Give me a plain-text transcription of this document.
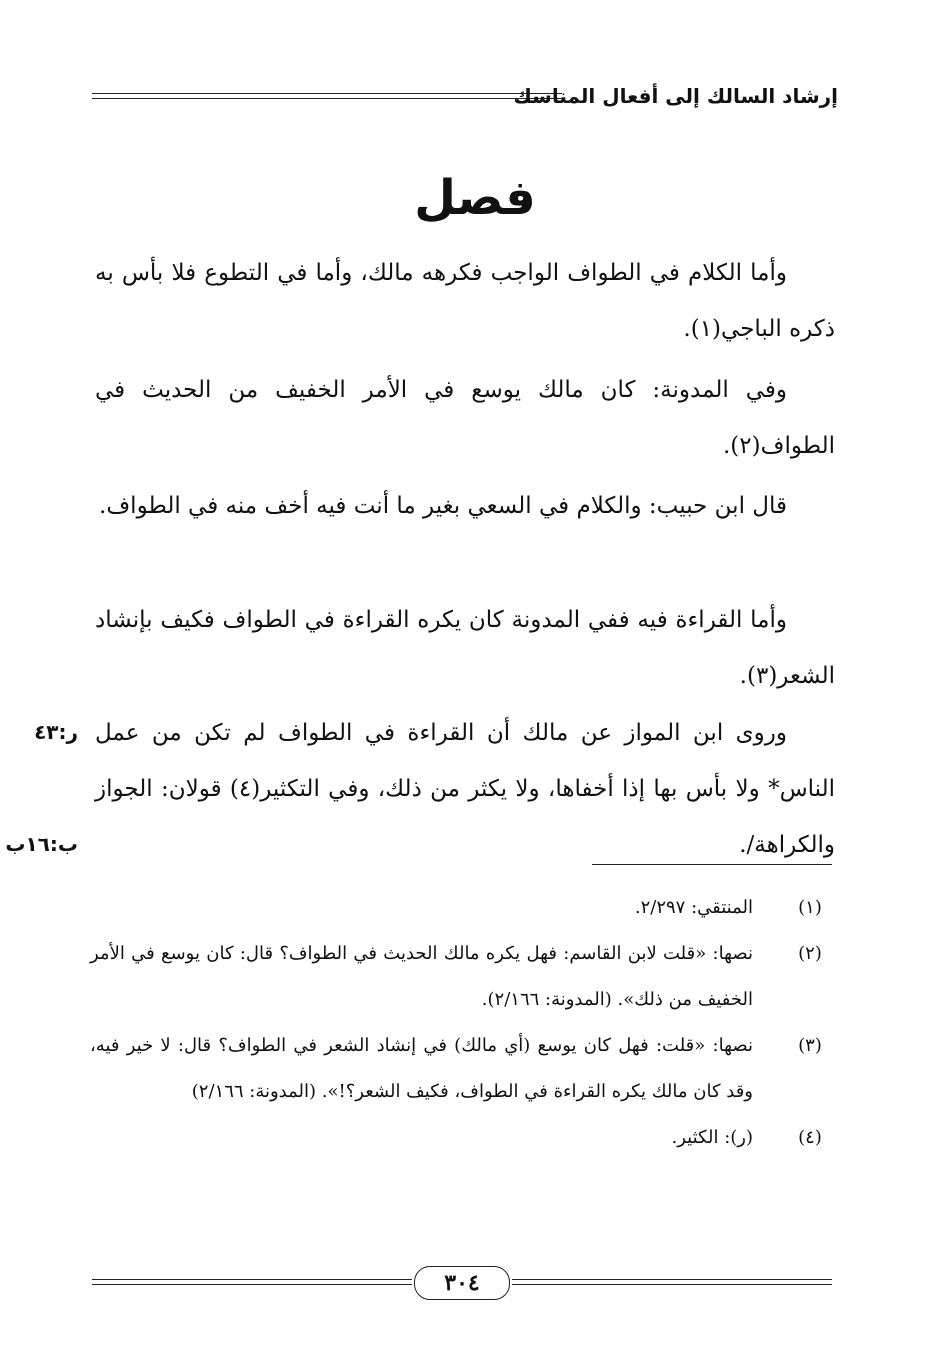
إرشاد السالك إلى أفعال المناسك
فصل

وأما الكلام في الطواف الواجب فكرهه مالك، وأما في التطوع فلا بأس به ذكره الباجي(١).

وفي المدونة: كان مالك يوسع في الأمر الخفيف من الحديث في الطواف(٢).

قال ابن حبيب: والكلام في السعي بغير ما أنت فيه أخف منه في الطواف.

وأما القراءة فيه ففي المدونة كان يكره القراءة في الطواف فكيف بإنشاد الشعر(٣).

وروى ابن المواز عن مالك أن القراءة في الطواف لم تكن من عمل الناس* ولا بأس بها إذا أخفاها، ولا يكثر من ذلك، وفي التكثير(٤) قولان: الجواز والكراهة/.

ر:٤٣
ب:١٦ب
(١)
المنتقي: ٢/٢٩٧.
(٢)
نصها: «قلت لابن القاسم: فهل يكره مالك الحديث في الطواف؟ قال: كان يوسع في الأمر الخفيف من ذلك». (المدونة: ٢/١٦٦).
(٣)
نصها: «قلت: فهل كان يوسع (أي مالك) في إنشاد الشعر في الطواف؟ قال: لا خير فيه، وقد كان مالك يكره القراءة في الطواف، فكيف الشعر؟!». (المدونة: ٢/١٦٦)
(٤)
(ر): الكثير.
٣٠٤
